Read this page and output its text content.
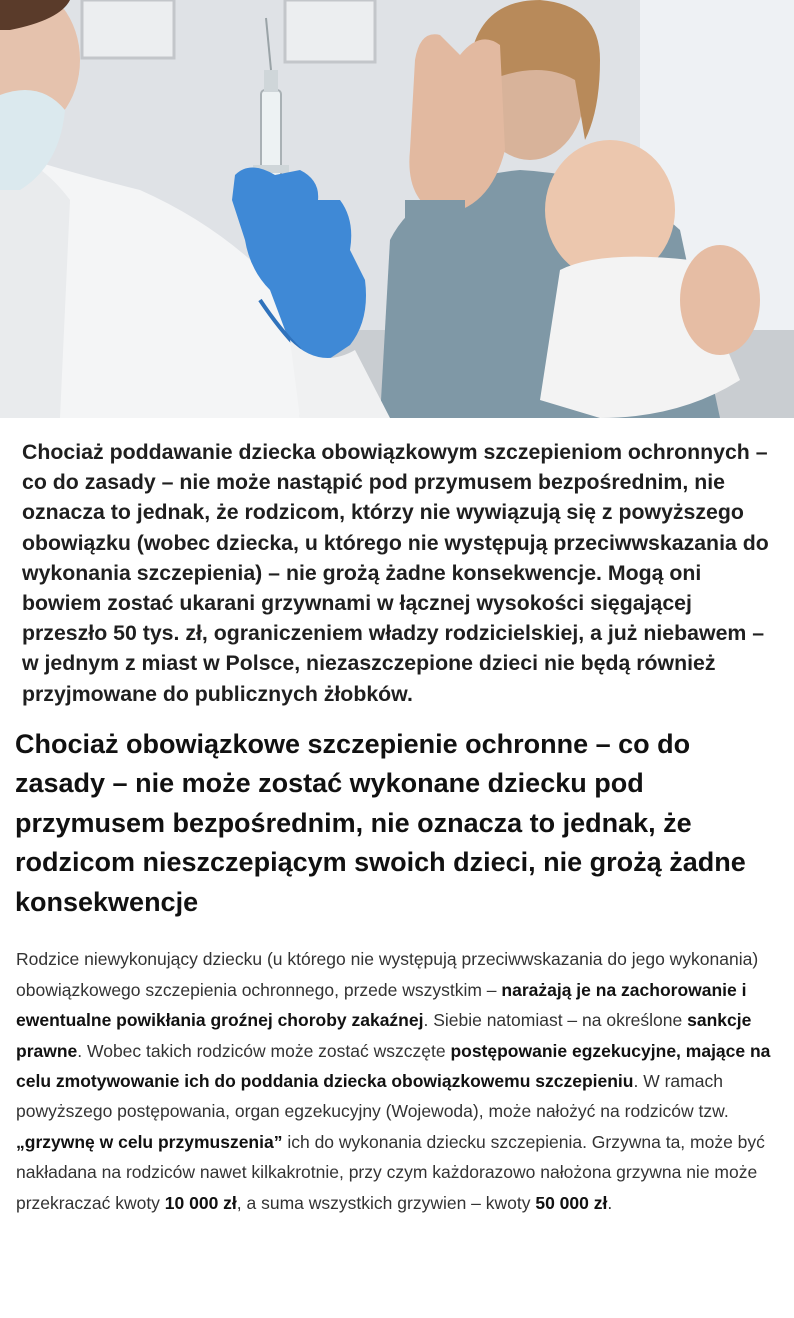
Chociaż poddawanie dziecka obowiązkowym szczepieniom ochronnych – co do zasady – nie może nastąpić pod przymusem bezpośrednim, nie oznacza to jednak, że rodzicom, którzy nie wywiązują się z powyższego obowiązku (wobec dziecka, u którego nie występują przeciwwskazania do wykonania szczepienia) – nie grożą żadne konsekwencje. Mogą oni bowiem zostać ukarani grzywnami w łącznej wysokości sięgającej przeszło 50 tys. zł, ograniczeniem władzy rodzicielskiej, a już niebawem – w jednym z miast w Polsce, niezaszczepione dzieci nie będą również przyjmowane do publicznych żłobków.

Chociaż obowiązkowe szczepienie ochronne – co do zasady – nie może zostać wykonane dziecku pod przymusem bezpośrednim, nie oznacza to jednak, że rodzicom nieszczepiącym swoich dzieci, nie grożą żadne konsekwencje

Rodzice niewykonujący dziecku (u którego nie występują przeciwwskazania do jego wykonania) obowiązkowego szczepienia ochronnego, przede wszystkim – narażają je na zachorowanie i ewentualne powikłania groźnej choroby zakaźnej. Siebie natomiast – na określone sankcje prawne. Wobec takich rodziców może zostać wszczęte postępowanie egzekucyjne, mające na celu zmotywowanie ich do poddania dziecka obowiązkowemu szczepieniu. W ramach powyższego postępowania, organ egzekucyjny (Wojewoda), może nałożyć na rodziców tzw. „grzywnę w celu przymuszenia” ich do wykonania dziecku szczepienia. Grzywna ta, może być nakładana na rodziców nawet kilkakrotnie, przy czym każdorazowo nałożona grzywna nie może przekraczać kwoty 10 000 zł, a suma wszystkich grzywien – kwoty 50 000 zł.
